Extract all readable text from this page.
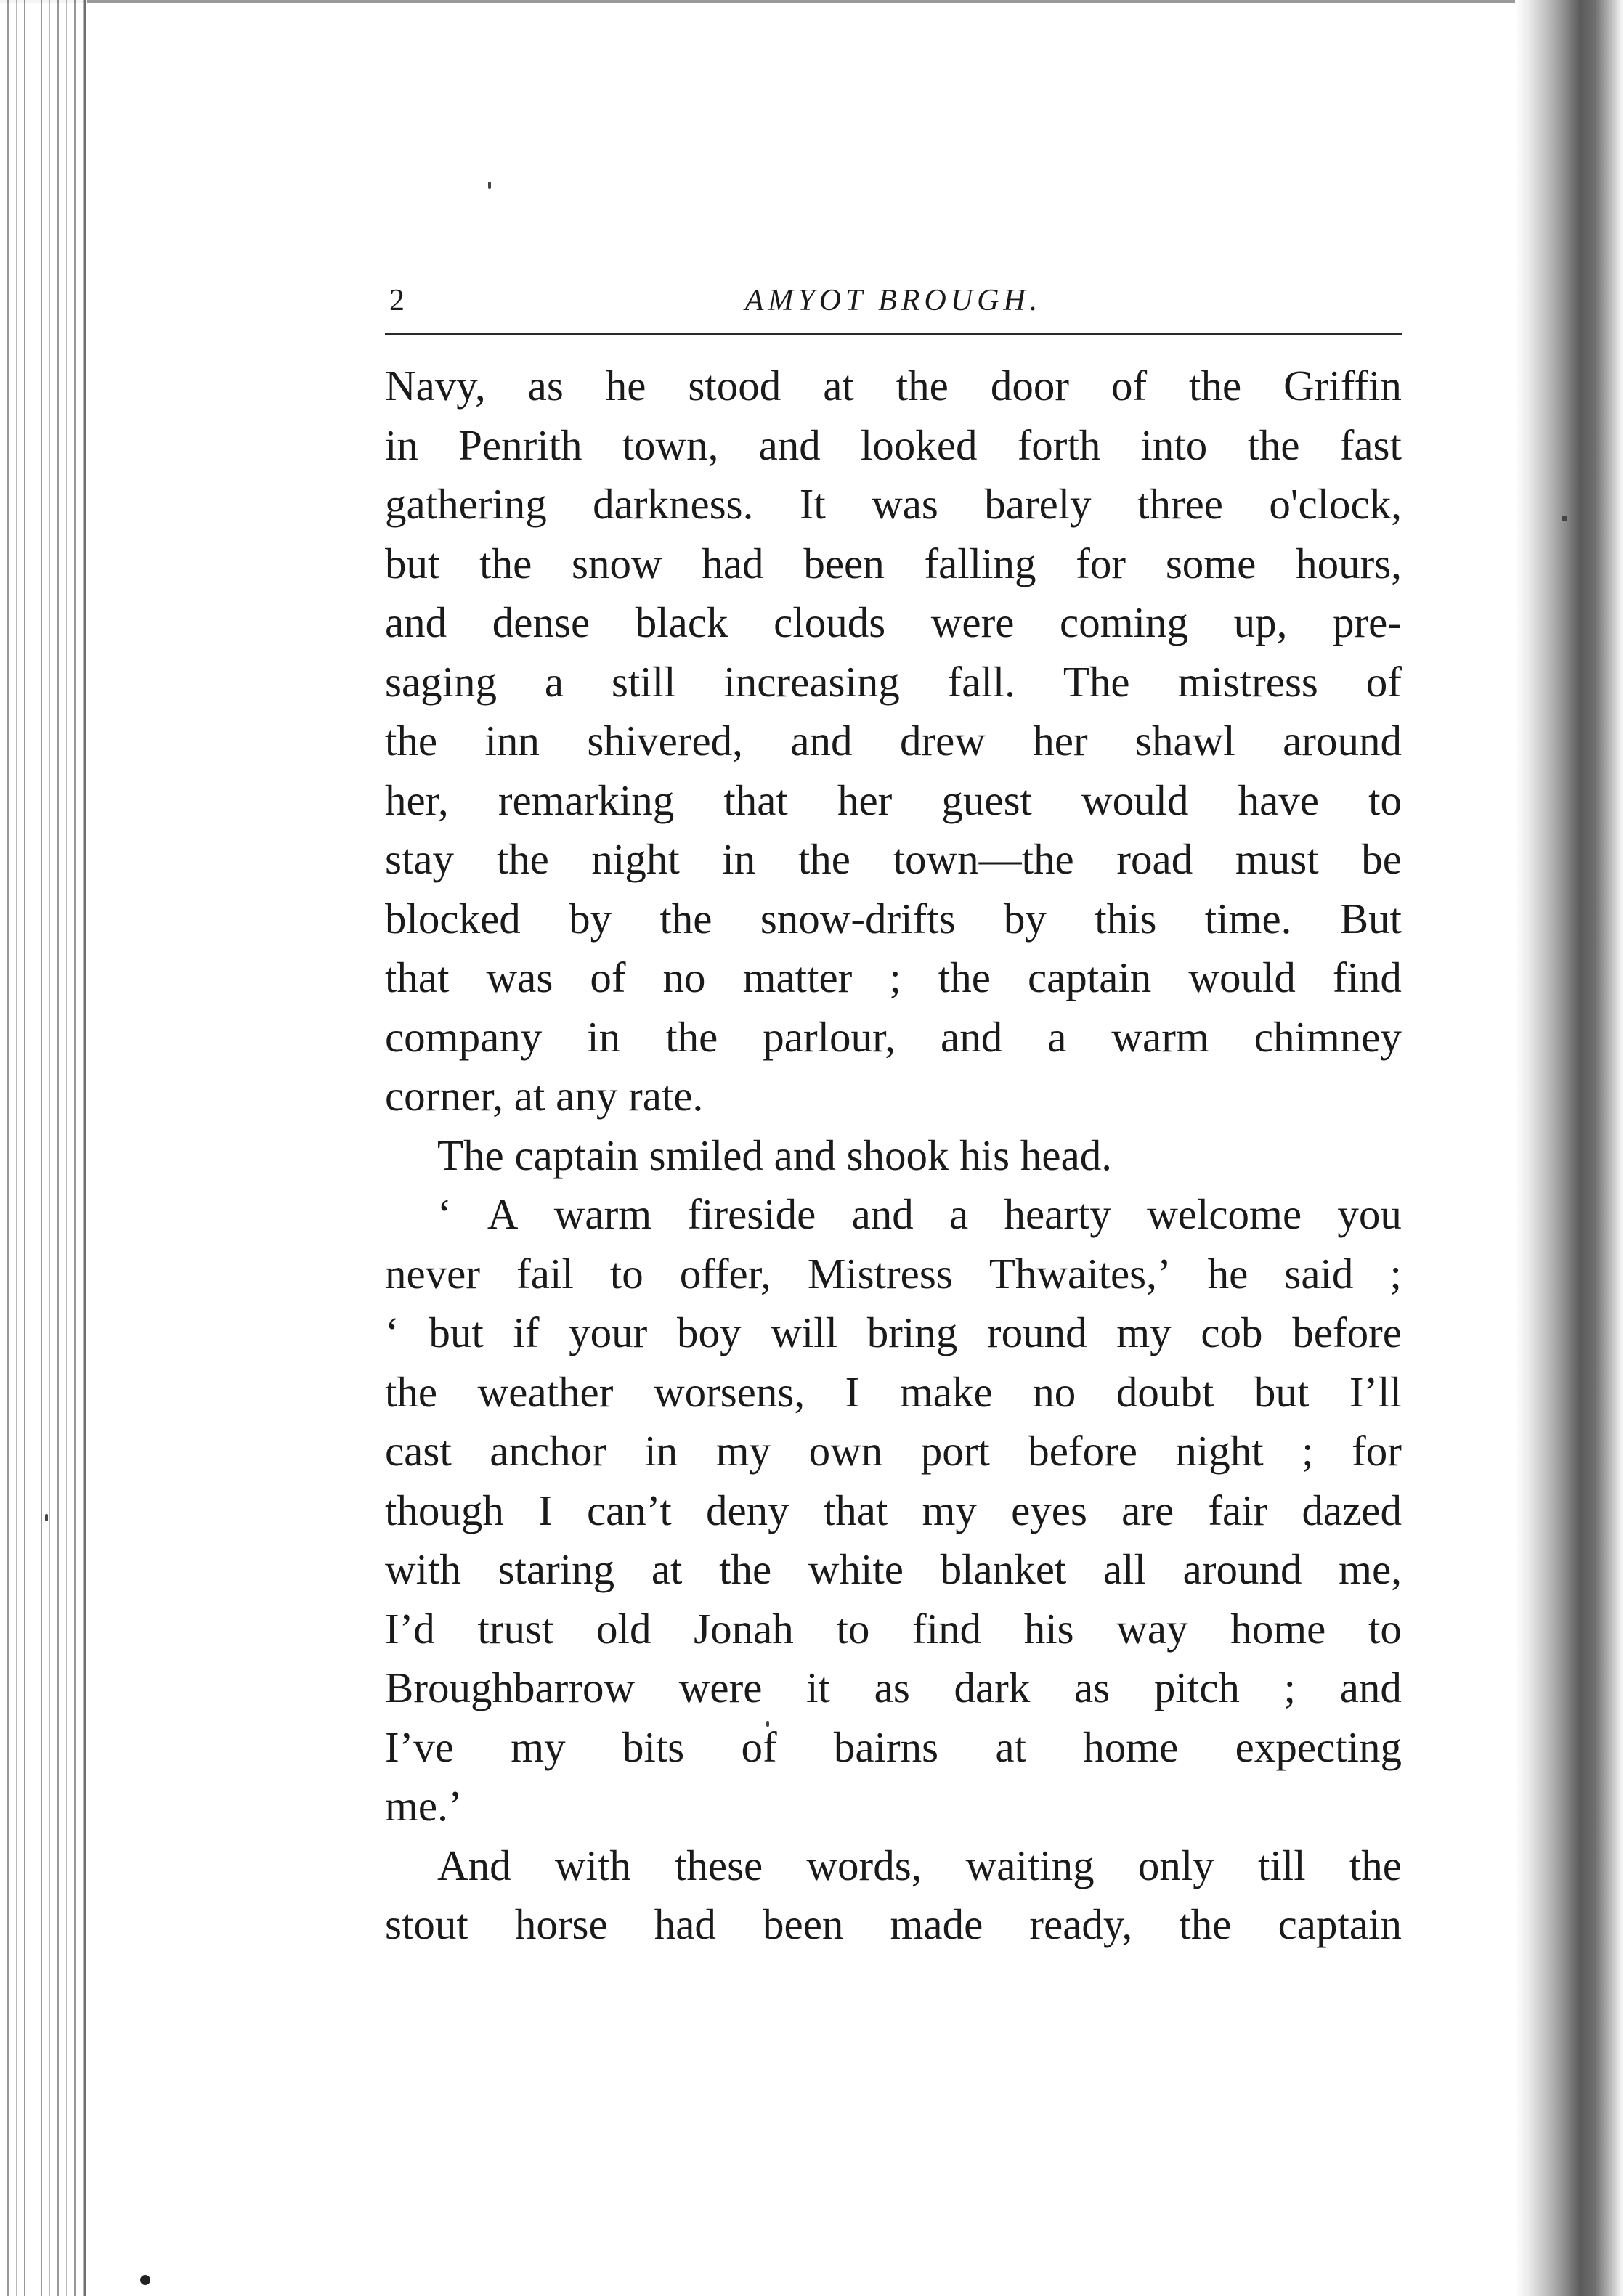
2	AMYOT BROUGH.
Navy, as he stood at the door of the Griffin
in Penrith town, and looked forth into the fast
gathering darkness. It was barely three o'clock,
but the snow had been falling for some hours,
and dense black clouds were coming up, pre-
saging a still increasing fall. The mistress of
the inn shivered, and drew her shawl around
her, remarking that her guest would have to
stay the night in the town—the road must be
blocked by the snow-drifts by this time. But
that was of no matter ; the captain would find
company in the parlour, and a warm chimney
corner, at any rate.
The captain smiled and shook his head.
‘ A warm fireside and a hearty welcome you
never fail to offer, Mistress Thwaites,’ he said ;
‘ but if your boy will bring round my cob before
the weather worsens, I make no doubt but I’ll
cast anchor in my own port before night ; for
though I can’t deny that my eyes are fair dazed
with staring at the white blanket all around me,
I’d trust old Jonah to find his way home to
Broughbarrow were it as dark as pitch ; and
I’ve my bits of bairns at home expecting
me.’
And with these words, waiting only till the
stout horse had been made ready, the captain
